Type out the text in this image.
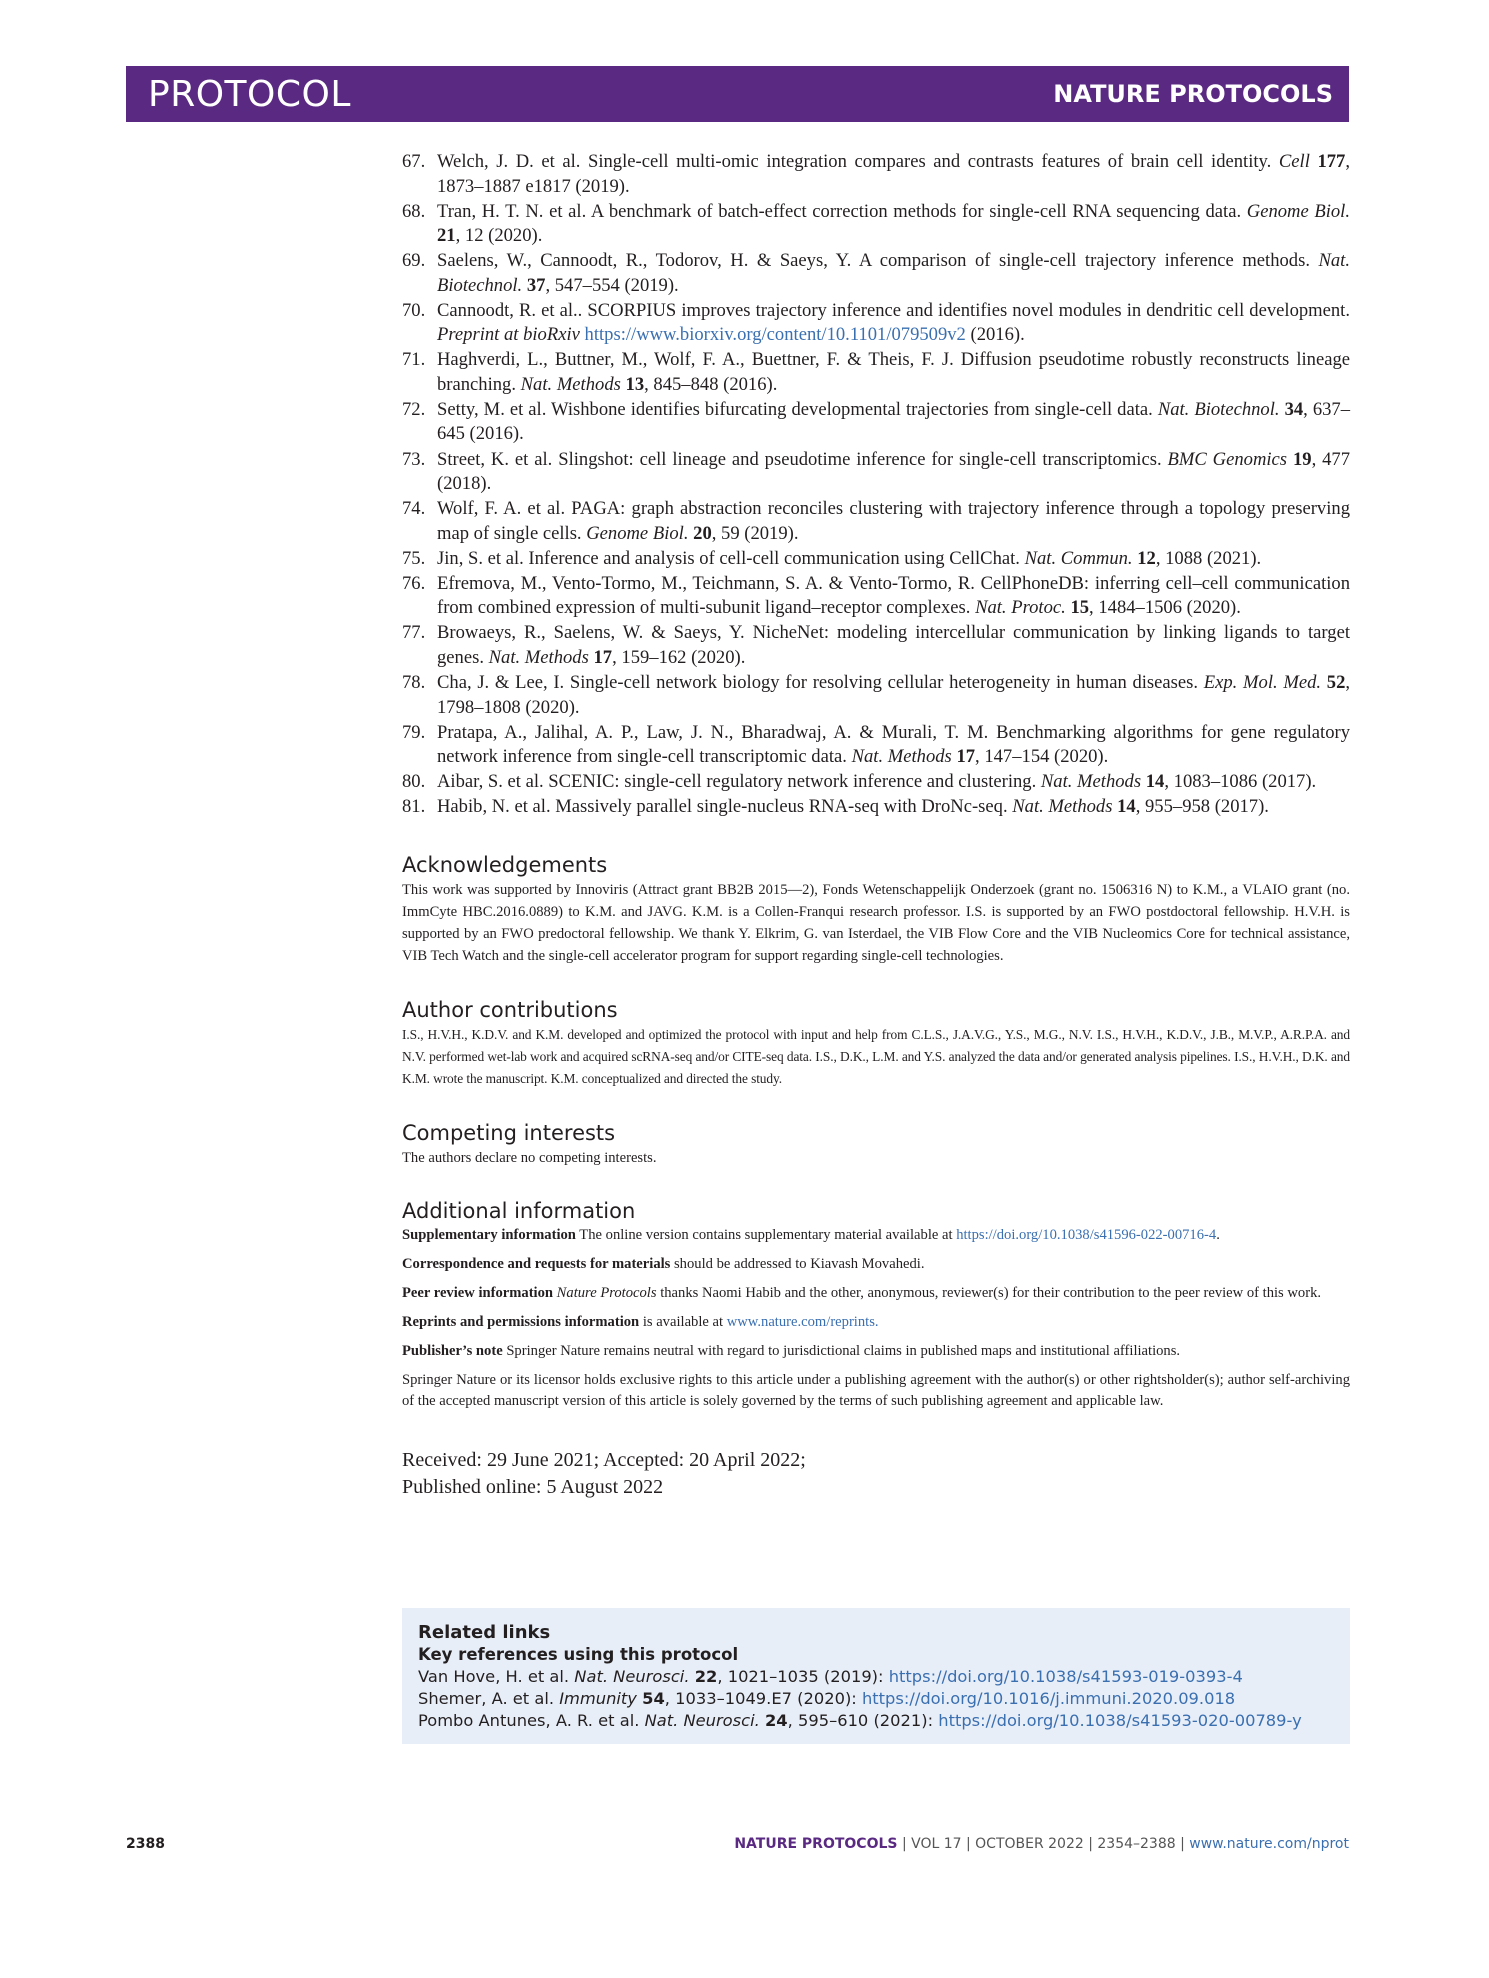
PROTOCOL	NATURE PROTOCOLS
67. Welch, J. D. et al. Single-cell multi-omic integration compares and contrasts features of brain cell identity. Cell 177, 1873–1887 e1817 (2019).
68. Tran, H. T. N. et al. A benchmark of batch-effect correction methods for single-cell RNA sequencing data. Genome Biol. 21, 12 (2020).
69. Saelens, W., Cannoodt, R., Todorov, H. & Saeys, Y. A comparison of single-cell trajectory inference methods. Nat. Biotechnol. 37, 547–554 (2019).
70. Cannoodt, R. et al.. SCORPIUS improves trajectory inference and identifies novel modules in dendritic cell development. Preprint at bioRxiv https://www.biorxiv.org/content/10.1101/079509v2 (2016).
71. Haghverdi, L., Buttner, M., Wolf, F. A., Buettner, F. & Theis, F. J. Diffusion pseudotime robustly reconstructs lineage branching. Nat. Methods 13, 845–848 (2016).
72. Setty, M. et al. Wishbone identifies bifurcating developmental trajectories from single-cell data. Nat. Biotechnol. 34, 637–645 (2016).
73. Street, K. et al. Slingshot: cell lineage and pseudotime inference for single-cell transcriptomics. BMC Genomics 19, 477 (2018).
74. Wolf, F. A. et al. PAGA: graph abstraction reconciles clustering with trajectory inference through a topology preserving map of single cells. Genome Biol. 20, 59 (2019).
75. Jin, S. et al. Inference and analysis of cell-cell communication using CellChat. Nat. Commun. 12, 1088 (2021).
76. Efremova, M., Vento-Tormo, M., Teichmann, S. A. & Vento-Tormo, R. CellPhoneDB: inferring cell–cell communication from combined expression of multi-subunit ligand–receptor complexes. Nat. Protoc. 15, 1484–1506 (2020).
77. Browaeys, R., Saelens, W. & Saeys, Y. NicheNet: modeling intercellular communication by linking ligands to target genes. Nat. Methods 17, 159–162 (2020).
78. Cha, J. & Lee, I. Single-cell network biology for resolving cellular heterogeneity in human diseases. Exp. Mol. Med. 52, 1798–1808 (2020).
79. Pratapa, A., Jalihal, A. P., Law, J. N., Bharadwaj, A. & Murali, T. M. Benchmarking algorithms for gene regulatory network inference from single-cell transcriptomic data. Nat. Methods 17, 147–154 (2020).
80. Aibar, S. et al. SCENIC: single-cell regulatory network inference and clustering. Nat. Methods 14, 1083–1086 (2017).
81. Habib, N. et al. Massively parallel single-nucleus RNA-seq with DroNc-seq. Nat. Methods 14, 955–958 (2017).
Acknowledgements

This work was supported by Innoviris (Attract grant BB2B 2015—2), Fonds Wetenschappelijk Onderzoek (grant no. 1506316 N) to K.M., a VLAIO grant (no. ImmCyte HBC.2016.0889) to K.M. and JAVG. K.M. is a Collen-Franqui research professor. I.S. is supported by an FWO postdoctoral fellowship. H.V.H. is supported by an FWO predoctoral fellowship. We thank Y. Elkrim, G. van Isterdael, the VIB Flow Core and the VIB Nucleomics Core for technical assistance, VIB Tech Watch and the single-cell accelerator program for support regarding single-cell technologies.

Author contributions

I.S., H.V.H., K.D.V. and K.M. developed and optimized the protocol with input and help from C.L.S., J.A.V.G., Y.S., M.G., N.V. I.S., H.V.H., K.D.V., J.B., M.V.P., A.R.P.A. and N.V. performed wet-lab work and acquired scRNA-seq and/or CITE-seq data. I.S., D.K., L.M. and Y.S. analyzed the data and/or generated analysis pipelines. I.S., H.V.H., D.K. and K.M. wrote the manuscript. K.M. conceptualized and directed the study.

Competing interests

The authors declare no competing interests.

Additional information

Supplementary information The online version contains supplementary material available at https://doi.org/10.1038/s41596-022-00716-4.

Correspondence and requests for materials should be addressed to Kiavash Movahedi.

Peer review information Nature Protocols thanks Naomi Habib and the other, anonymous, reviewer(s) for their contribution to the peer review of this work.

Reprints and permissions information is available at www.nature.com/reprints.

Publisher’s note Springer Nature remains neutral with regard to jurisdictional claims in published maps and institutional affiliations.

Springer Nature or its licensor holds exclusive rights to this article under a publishing agreement with the author(s) or other rightsholder(s); author self-archiving of the accepted manuscript version of this article is solely governed by the terms of such publishing agreement and applicable law.

Received: 29 June 2021; Accepted: 20 April 2022;
Published online: 5 August 2022
Related links
Key references using this protocol
Van Hove, H. et al. Nat. Neurosci. 22, 1021–1035 (2019): https://doi.org/10.1038/s41593-019-0393-4
Shemer, A. et al. Immunity 54, 1033–1049.E7 (2020): https://doi.org/10.1016/j.immuni.2020.09.018
Pombo Antunes, A. R. et al. Nat. Neurosci. 24, 595–610 (2021): https://doi.org/10.1038/s41593-020-00789-y
2388	NATURE PROTOCOLS | VOL 17 | OCTOBER 2022 | 2354–2388 | www.nature.com/nprot
